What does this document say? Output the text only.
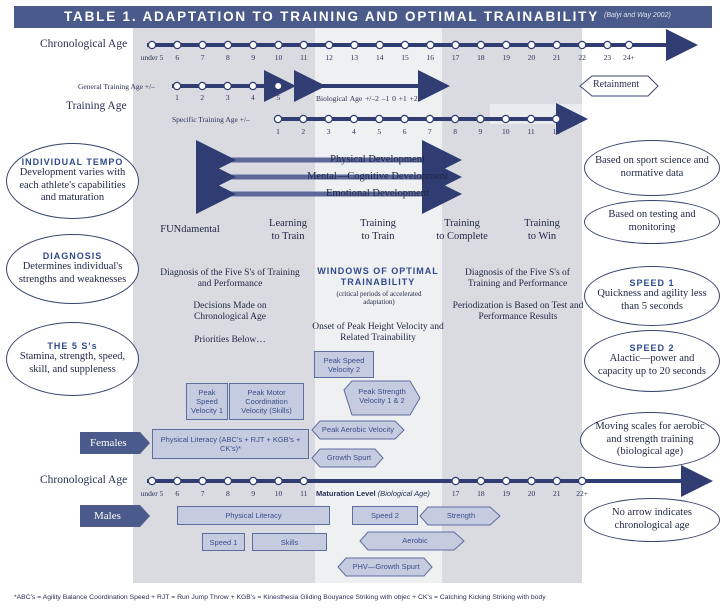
TABLE 1. ADAPTATION TO TRAINING AND OPTIMAL TRAINABILITY (Balyi and Way 2002)
Chronological Age
General Training Age +/–
Training Age
Specific Training Age +/–
Biological Age +/–2 –1 0 +1 +2
Retainment
Chronological Age
Maturation Level (Biological Age)
under 5 6	7	8	9	10 11 12 13 14 15 16 17 18 19 20 21 22 23 24+
1	2	3	4	5
1	2	3	4	5	6	7	8	9	10 11 12
under 5 6	7	8	9	10 11	17 18 19 20 21 22+
Physical Development
Mental—Cognitive Development
Emotional Development
FUNdamental
Learning
to Train
Training
to Train
Training
to Complete
Training
to Win
Diagnosis of the Five S's of Training and Performance
Decisions Made on Chronological Age
Priorities Below…
WINDOWS OF OPTIMAL TRAINABILITY
(critical periods of accelerated adaptation)
Onset of Peak Height Velocity and Related Trainability
Diagnosis of the Five S's of Training and Performance
Periodization is Based on Test and Performance Results
INDIVIDUAL TEMPO
Development varies with each athlete's capabilities and maturation
DIAGNOSIS
Determines individual's strengths and weaknesses
THE 5 S's
Stamina, strength, speed, skill, and suppleness
Based on sport science and normative data
Based on testing and monitoring
SPEED 1
Quickness and agility less than 5 seconds
SPEED 2
Alactic—power and capacity up to 20 seconds
Moving scales for aerobic and strength training (biological age)
No arrow indicates chronological age
Females
Peak Speed Velocity 2
Peak Speed Velocity 1
Peak Motor Coordination Velocity (Skills)
Peak Strength Velocity 1 & 2
Physical Literacy (ABC's + RJT + KGB's + CK's)*
Peak Aerobic Velocity
Growth Spurt
Males	Physical Literacy	Speed 2	Strength
Speed 1	Skills	Aerobic
PHV—Growth Spurt
*ABC's = Agility Balance Coordination Speed + RJT = Run Jump Throw + KGB's = Kinesthesia Gliding Bouyance Striking with objec + CK's = Catching Kicking Striking with body
